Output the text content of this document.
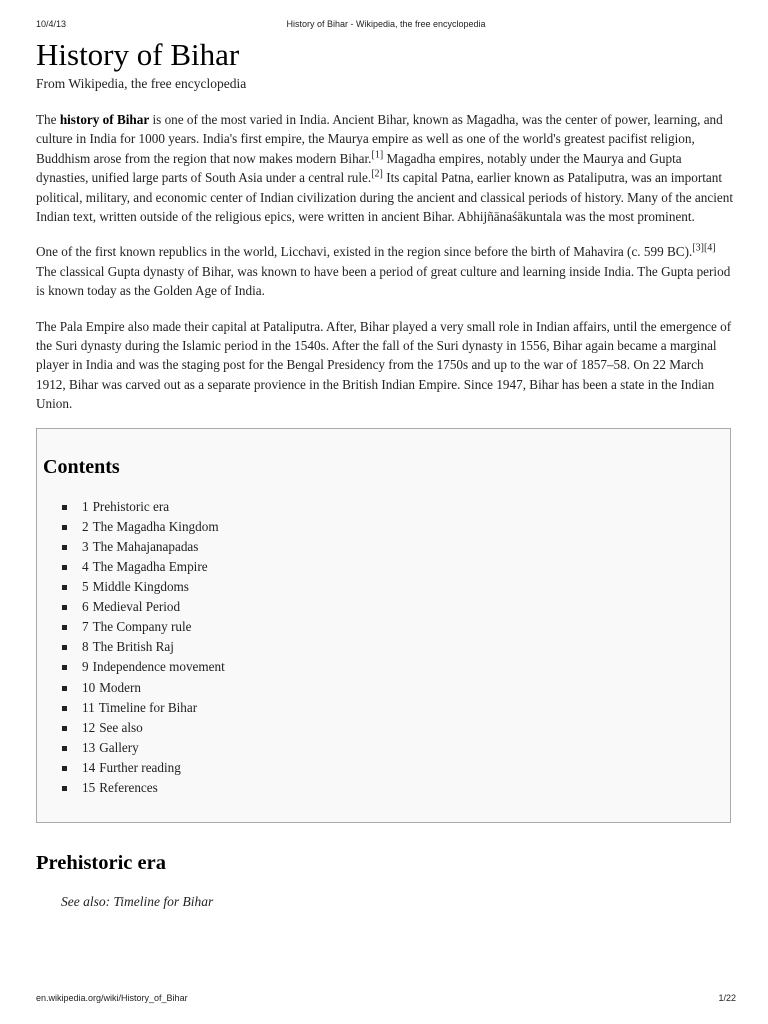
10/4/13	History of Bihar - Wikipedia, the free encyclopedia
History of Bihar
From Wikipedia, the free encyclopedia

The history of Bihar is one of the most varied in India. Ancient Bihar, known as Magadha, was the center of power, learning, and culture in India for 1000 years. India's first empire, the Maurya empire as well as one of the world's greatest pacifist religion, Buddhism arose from the region that now makes modern Bihar.[1] Magadha empires, notably under the Maurya and Gupta dynasties, unified large parts of South Asia under a central rule.[2] Its capital Patna, earlier known as Pataliputra, was an important political, military, and economic center of Indian civilization during the ancient and classical periods of history. Many of the ancient Indian text, written outside of the religious epics, were written in ancient Bihar. Abhijñānaśākuntala was the most prominent.

One of the first known republics in the world, Licchavi, existed in the region since before the birth of Mahavira (c. 599 BC).[3][4] The classical Gupta dynasty of Bihar, was known to have been a period of great culture and learning inside India. The Gupta period is known today as the Golden Age of India.

The Pala Empire also made their capital at Pataliputra. After, Bihar played a very small role in Indian affairs, until the emergence of the Suri dynasty during the Islamic period in the 1540s. After the fall of the Suri dynasty in 1556, Bihar again became a marginal player in India and was the staging post for the Bengal Presidency from the 1750s and up to the war of 1857–58. On 22 March 1912, Bihar was carved out as a separate provience in the British Indian Empire. Since 1947, Bihar has been a state in the Indian Union.

Contents
1 Prehistoric era
2 The Magadha Kingdom
3 The Mahajanapadas
4 The Magadha Empire
5 Middle Kingdoms
6 Medieval Period
7 The Company rule
8 The British Raj
9 Independence movement
10 Modern
11 Timeline for Bihar
12 See also
13 Gallery
14 Further reading
15 References
Prehistoric era
See also: Timeline for Bihar
en.wikipedia.org/wiki/History_of_Bihar	1/22
